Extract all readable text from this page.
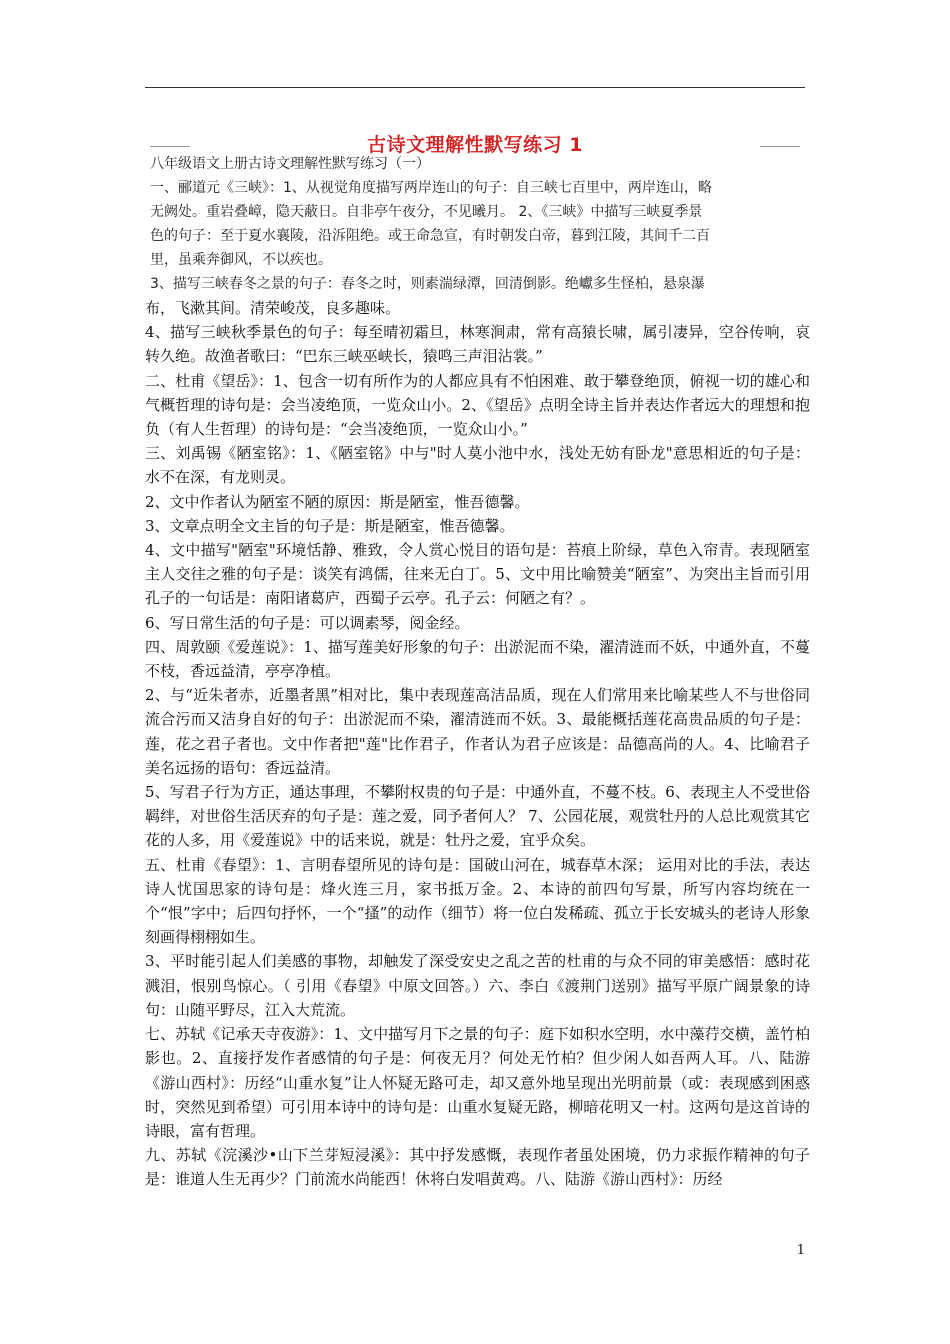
古诗文理解性默写练习 1

八年级语文上册古诗文理解性默写练习（一）

一、郦道元《三峡》：1、从视觉角度描写两岸连山的句子：自三峡七百里中，两岸连山，略

无阙处。重岩叠嶂，隐天蔽日。自非亭午夜分，不见曦月。 2、《三峡》中描写三峡夏季景

色的句子：至于夏水襄陵，沿泝阻绝。或王命急宣，有时朝发白帝，暮到江陵，其间千二百

里，虽乘奔御风，不以疾也。

3、描写三峡春冬之景的句子：春冬之时，则素湍绿潭，回清倒影。绝巘多生怪柏，悬泉瀑

布，飞漱其间。清荣峻茂，良多趣味。

4、描写三峡秋季景色的句子：每至晴初霜旦，林寒涧肃，常有高猿长啸，属引凄异，空谷传响，哀转久绝。故渔者歌曰：“巴东三峡巫峡长，猿鸣三声泪沾裳。”

二、杜甫《望岳》：1、包含一切有所作为的人都应具有不怕困难、敢于攀登绝顶，俯视一切的雄心和气概哲理的诗句是：会当凌绝顶，一览众山小。2、《望岳》点明全诗主旨并表达作者远大的理想和抱负（有人生哲理）的诗句是：“会当凌绝顶，一览众山小。”

三、刘禹锡《陋室铭》：1、《陋室铭》中与"时人莫小池中水，浅处无妨有卧龙"意思相近的句子是：水不在深，有龙则灵。

2、文中作者认为陋室不陋的原因：斯是陋室，惟吾德馨。

3、文章点明全文主旨的句子是：斯是陋室，惟吾德馨。

4、文中描写"陋室"环境恬静、雅致，令人赏心悦目的语句是：苔痕上阶绿，草色入帘青。表现陋室主人交往之雅的句子是：谈笑有鸿儒，往来无白丁。5、文中用比喻赞美“陋室”、为突出主旨而引用孔子的一句话是：南阳诸葛庐，西蜀子云亭。孔子云：何陋之有？。

6、写日常生活的句子是：可以调素琴，阅金经。

四、周敦颐《爱莲说》：1、描写莲美好形象的句子：出淤泥而不染，濯清涟而不妖，中通外直，不蔓不枝，香远益清，亭亭净植。

2、与“近朱者赤，近墨者黑”相对比，集中表现莲高洁品质，现在人们常用来比喻某些人不与世俗同流合污而又洁身自好的句子：出淤泥而不染，濯清涟而不妖。3、最能概括莲花高贵品质的句子是：莲，花之君子者也。文中作者把"莲"比作君子，作者认为君子应该是：品德高尚的人。4、比喻君子美名远扬的语句：香远益清。

5、写君子行为方正，通达事理，不攀附权贵的句子是：中通外直，不蔓不枝。6、表现主人不受世俗羁绊，对世俗生活厌弃的句子是：莲之爱，同予者何人？ 7、公园花展，观赏牡丹的人总比观赏其它花的人多，用《爱莲说》中的话来说，就是：牡丹之爱，宜乎众矣。

五、杜甫《春望》：1、言明春望所见的诗句是：国破山河在，城春草木深； 运用对比的手法，表达诗人忧国思家的诗句是：烽火连三月，家书抵万金。2、本诗的前四句写景，所写内容均统在一个“恨”字中；后四句抒怀，一个“搔”的动作（细节）将一位白发稀疏、孤立于长安城头的老诗人形象刻画得栩栩如生。

3、平时能引起人们美感的事物，却触发了深受安史之乱之苦的杜甫的与众不同的审美感悟：感时花溅泪，恨别鸟惊心。（ 引用《春望》中原文回答。）六、李白《渡荆门送别》描写平原广阔景象的诗句：山随平野尽，江入大荒流。

七、苏轼《记承天寺夜游》：1、文中描写月下之景的句子：庭下如积水空明，水中藻荇交横，盖竹柏影也。2、直接抒发作者感情的句子是：何夜无月？何处无竹柏？但少闲人如吾两人耳。八、陆游《游山西村》：历经“山重水复”让人怀疑无路可走，却又意外地呈现出光明前景（或：表现感到困惑时，突然见到希望）可引用本诗中的诗句是：山重水复疑无路，柳暗花明又一村。这两句是这首诗的诗眼，富有哲理。

九、苏轼《浣溪沙•山下兰芽短浸溪》：其中抒发感慨，表现作者虽处困境，仍力求振作精神的句子是：谁道人生无再少？门前流水尚能西！休将白发唱黄鸡。八、陆游《游山西村》：历经

1
